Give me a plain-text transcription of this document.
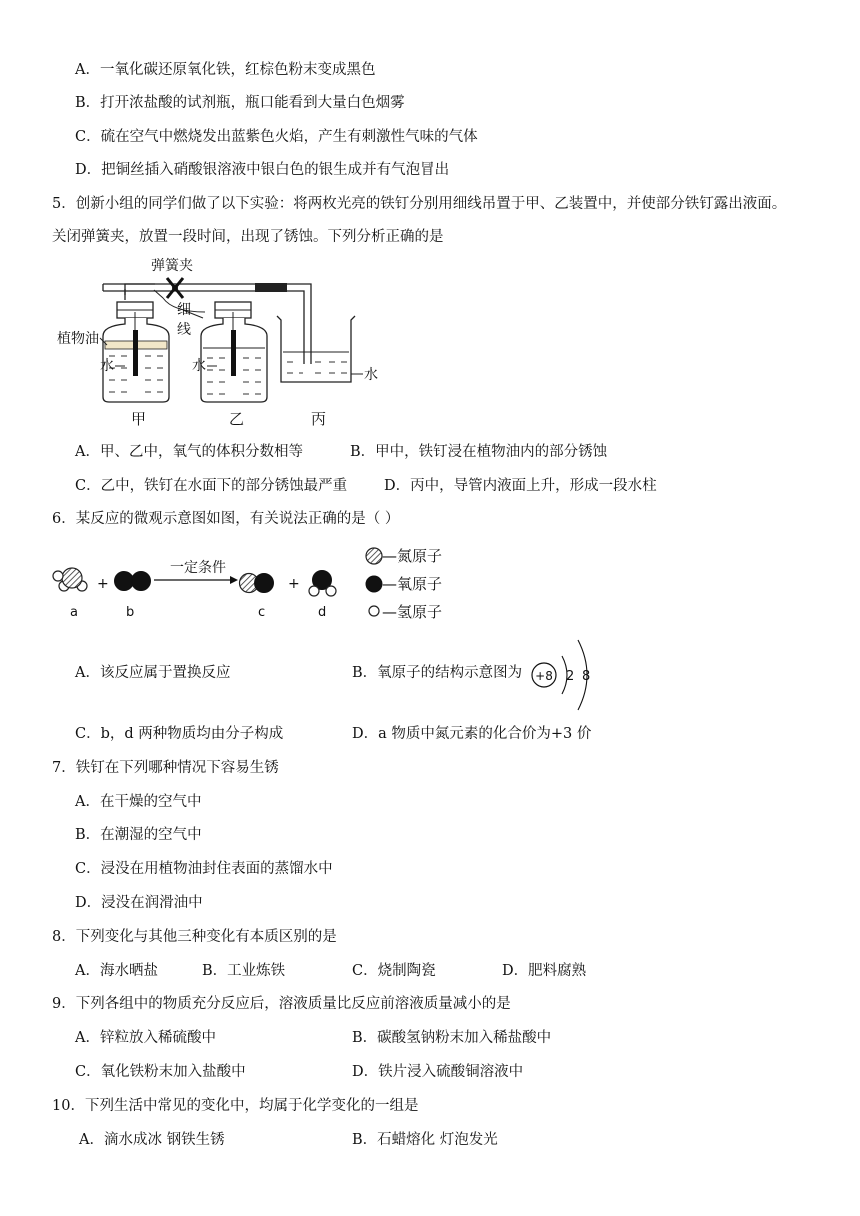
A．一氧化碳还原氧化铁，红棕色粉末变成黑色
B．打开浓盐酸的试剂瓶，瓶口能看到大量白色烟雾
C．硫在空气中燃烧发出蓝紫色火焰，产生有刺激性气味的气体
D．把铜丝插入硝酸银溶液中银白色的银生成并有气泡冒出
5．创新小组的同学们做了以下实验：将两枚光亮的铁钉分别用细线吊置于甲、乙装置中，并使部分铁钉露出液面。
关闭弹簧夹，放置一段时间，出现了锈蚀。下列分析正确的是
弹簧夹
细
线
植物油
水	水
水
甲	乙	丙
A．甲、乙中，氧气的体积分数相等	B．甲中，铁钉浸在植物油内的部分锈蚀
C．乙中，铁钉在水面下的部分锈蚀最严重	D．丙中，导管内液面上升，形成一段水柱
6．某反应的微观示意图如图，有关说法正确的是（ ）
a
+
b
一定条件
c
+
d
—氮原子
—氧原子
—氢原子
A．该反应属于置换反应	B．氧原子的结构示意图为 +8 2 8
C．b，d 两种物质均由分子构成	D．a 物质中氮元素的化合价为+3 价
7．铁钉在下列哪种情况下容易生锈
A．在干燥的空气中
B．在潮湿的空气中
C．浸没在用植物油封住表面的蒸馏水中
D．浸没在润滑油中
8．下列变化与其他三种变化有本质区别的是
A．海水晒盐	B．工业炼铁	C．烧制陶瓷	D．肥料腐熟
9．下列各组中的物质充分反应后，溶液质量比反应前溶液质量减小的是
A．锌粒放入稀硫酸中	B．碳酸氢钠粉末加入稀盐酸中
C．氧化铁粉末加入盐酸中	D．铁片浸入硫酸铜溶液中
10．下列生活中常见的变化中，均属于化学变化的一组是
A．滴水成冰 钢铁生锈	B．石蜡熔化 灯泡发光
